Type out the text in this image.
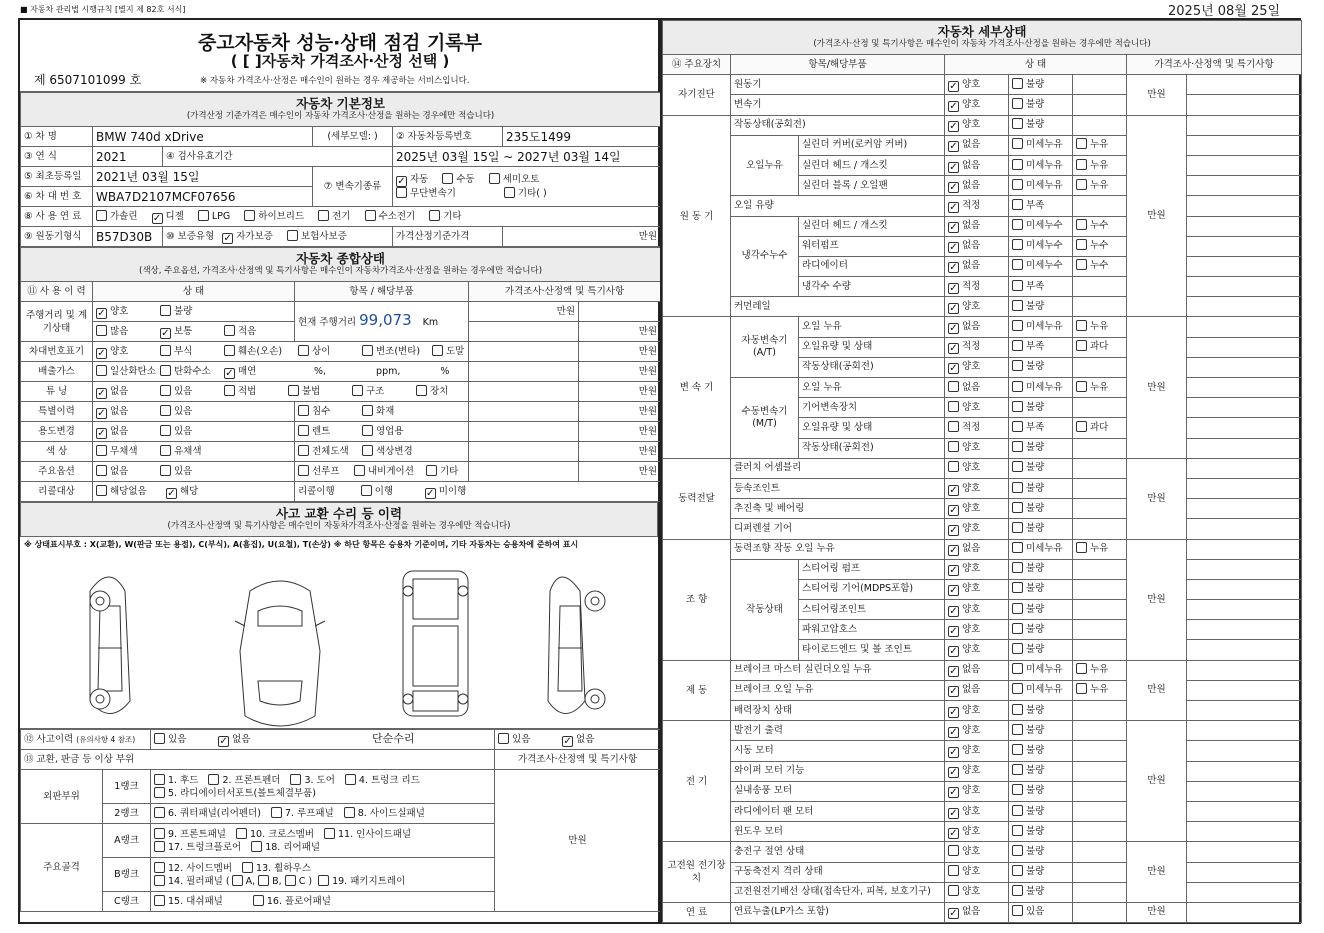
■ 자동차 관리법 시행규칙 [별지 제 82호 서식]	2025년 08월 25일
중고자동차 성능·상태 점검 기록부
( [ ]자동차 가격조사·산정 선택 )
제 6507101099 호	※ 자동차 가격조사·산정은 매수인이 원하는 경우 제공하는 서비스입니다.
자동차 기본정보
(가격산정 기준가격은 매수인이 자동차 가격조사·산정을 원하는 경우에만 적습니다)					

① 차 명	BMW 740d xDrive		(세부모델: )	② 자동차등록번호	235도1499
③ 연 식	2021	④ 검사유효기간		2025년 03월 15일 ~ 2027년 03월 14일	
⑤ 최초등록일	2021년 03월 15일		⑦ 변속기종류	✓ 자동 수동 세미오토
무단변속기 기타( )	
⑥ 차 대 번 호	WBA7D2107MCF07656				
⑧ 사 용 연 료	가솔린 ✓ 디젤 LPG 하이브리드 전기 수소전기 기타				
⑨ 원동기형식	B57D30B	⑩ 보증유형 ✓ 자가보증 보험사보증		가격산정기준가격	만원
자동차 종합상태
(색상, 주요옵션, 가격조사·산정액 및 특기사항은 매수인이 자동차가격조사·산정을 원하는 경우에만 적습니다)				

⑪ 사 용 이 력	상 태	항목 / 해당부품	가격조사·산정액 및 특기사항	
주행거리 및 계기상태	✓ 양호 불량	현재 주행거리 99,073 Km	만원	
	많음 ✓ 보통 적음			만원
차대번호표기	✓ 양호 부식 훼손(오손) 상이 변조(변타) 도말			만원
배출가스	일산화탄소 탄화수소 ✓ 매연 %, ppm, %			만원
튜 닝	✓ 없음 있음 적법 불법 구조 장치			만원
특별이력	✓ 없음 있음	침수 화재		만원
용도변경	✓ 없음 있음	렌트 영업용		만원
색 상	무채색 유채색	전체도색 색상변경		만원
주요옵션	없음 있음	선루프 내비게이션 기타		만원
리콜대상	해당없음 ✓ 해당	리콜이행 이행 ✓ 미이행		
사고 교환 수리 등 이력
(가격조사·산정액 및 특기사항은 매수인이 자동차가격조사·산정을 원하는 경우에만 적습니다)
※ 상태표시부호 : X(교환), W(판금 또는 용접), C(부식), A(흠집), U(요철), T(손상) ※ 하단 항목은 승용차 기준이며, 기타 자동차는 승용차에 준하여 표시
⑫ 사고이력 (유의사항 4 참조)		있음 ✓ 없음 단순수리	있음 ✓ 없음
⑬ 교환, 판금 등 이상 부위			가격조사·산정액 및 특기사항
외판부위	1랭크	1. 후드 2. 프론트펜더 3. 도어 4. 트렁크 리드
5. 라디에이터서포트(볼트체결부품)	만원
	2랭크	6. 쿼터패널(리어펜더) 7. 루프패널 8. 사이드실패널	
주요골격	A랭크	9. 프론트패널 10. 크로스멤버 11. 인사이드패널
17. 트렁크플로어 18. 리어패널	
	B랭크	12. 사이드멤버 13. 휠하우스
14. 필러패널 ( A, B, C ) 19. 패키지트레이	
	C랭크	15. 대쉬패널 16. 플로어패널	
자동차 세부상태
(가격조사·산정 및 특기사항은 매수인이 자동차 가격조사·산정을 원하는 경우에만 적습니다)							

⑭ 주요장치	항목/해당부품		상 태			가격조사·산정액 및 특기사항	
자기진단	원동기		✓ 양호	불량		만원	
	변속기		✓ 양호	불량			
원 동 기	작동상태(공회전)		✓ 양호	불량		만원	
	오일누유	실린더 커버(로커암 커버)	✓ 없음	미세누유	누유		
		실린더 헤드 / 개스킷	✓ 없음	미세누유	누유		
		실린더 블록 / 오일팬	✓ 없음	미세누유	누유		
	오일 유량		✓ 적정	부족			
	냉각수누수	실린더 헤드 / 개스킷	✓ 없음	미세누수	누수		
		워터펌프	✓ 없음	미세누수	누수		
		라디에이터	✓ 없음	미세누수	누수		
		냉각수 수량	✓ 적정	부족			
	커먼레일		✓ 양호	불량			
변 속 기	자동변속기(A/T)	오일 누유	✓ 없음	미세누유	누유	만원	
		오일유량 및 상태	✓ 적정	부족	과다		
		작동상태(공회전)	✓ 양호	불량			
	수동변속기(M/T)	오일 누유	없음	미세누유	누유		
		기어변속장치	양호	불량			
		오일유량 및 상태	적정	부족	과다		
		작동상태(공회전)	양호	불량			
동력전달	클러치 어셈블리		양호	불량		만원	
	등속조인트		✓ 양호	불량			
	추진축 및 베어링		✓ 양호	불량			
	디퍼렌셜 기어		✓ 양호	불량			
조 향	동력조향 작동 오일 누유		✓ 없음	미세누유	누유	만원	
	작동상태	스티어링 펌프	✓ 양호	불량			
		스티어링 기어(MDPS포함)	✓ 양호	불량			
		스티어링조인트	✓ 양호	불량			
		파워고압호스	✓ 양호	불량			
		타이로드엔드 및 볼 조인트	✓ 양호	불량			
제 동	브레이크 마스터 실린더오일 누유		✓ 없음	미세누유	누유	만원	
	브레이크 오일 누유		✓ 없음	미세누유	누유		
	배력장치 상태		✓ 양호	불량			
전 기	발전기 출력		✓ 양호	불량		만원	
	시동 모터		✓ 양호	불량			
	와이퍼 모터 기능		✓ 양호	불량			
	실내송풍 모터		✓ 양호	불량			
	라디에이터 팬 모터		✓ 양호	불량			
	윈도우 모터		✓ 양호	불량			
고전원 전기장치	충전구 절연 상태		양호	불량		만원	
	구동축전지 격리 상태		양호	불량			
	고전원전기배선 상태(접속단자, 피복, 보호기구)		양호	불량			
연 료	연료누출(LP가스 포함)		✓ 없음	있음		만원	
